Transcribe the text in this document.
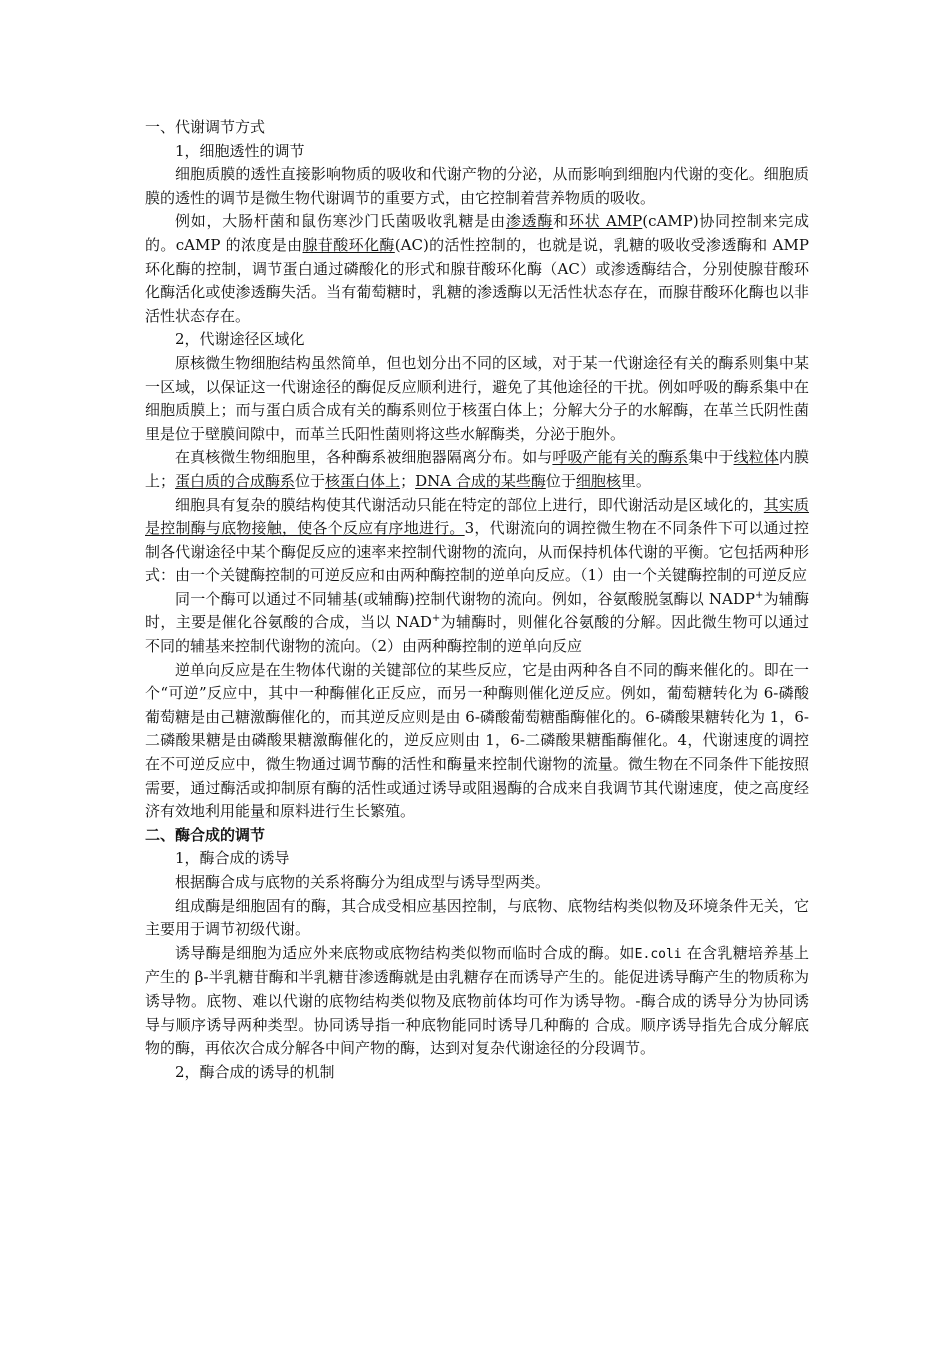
一、代谢调节方式

1，细胞透性的调节

细胞质膜的透性直接影响物质的吸收和代谢产物的分泌，从而影响到细胞内代谢的变化。细胞质膜的透性的调节是微生物代谢调节的重要方式，由它控制着营养物质的吸收。

例如，大肠杆菌和鼠伤寒沙门氏菌吸收乳糖是由渗透酶和环状 AMP(cAMP)协同控制来完成的。cAMP 的浓度是由腺苷酸环化酶(AC)的活性控制的，也就是说，乳糖的吸收受渗透酶和 AMP 环化酶的控制，调节蛋白通过磷酸化的形式和腺苷酸环化酶（AC）或渗透酶结合，分别使腺苷酸环化酶活化或使渗透酶失活。当有葡萄糖时，乳糖的渗透酶以无活性状态存在，而腺苷酸环化酶也以非活性状态存在。

2，代谢途径区域化

原核微生物细胞结构虽然简单，但也划分出不同的区域，对于某一代谢途径有关的酶系则集中某一区域，以保证这一代谢途径的酶促反应顺利进行，避免了其他途径的干扰。例如呼吸的酶系集中在细胞质膜上；而与蛋白质合成有关的酶系则位于核蛋白体上；分解大分子的水解酶，在革兰氏阴性菌里是位于壁膜间隙中，而革兰氏阳性菌则将这些水解酶类，分泌于胞外。

在真核微生物细胞里，各种酶系被细胞器隔离分布。如与呼吸产能有关的酶系集中于线粒体内膜上；蛋白质的合成酶系位于核蛋白体上；DNA 合成的某些酶位于细胞核里。

细胞具有复杂的膜结构使其代谢活动只能在特定的部位上进行，即代谢活动是区域化的，其实质是控制酶与底物接触，使各个反应有序地进行。3，代谢流向的调控微生物在不同条件下可以通过控制各代谢途径中某个酶促反应的速率来控制代谢物的流向，从而保持机体代谢的平衡。它包括两种形式：由一个关键酶控制的可逆反应和由两种酶控制的逆单向反应。（1）由一个关键酶控制的可逆反应

同一个酶可以通过不同辅基(或辅酶)控制代谢物的流向。例如，谷氨酸脱氢酶以 NADP+为辅酶时，主要是催化谷氨酸的合成，当以 NAD+为辅酶时，则催化谷氨酸的分解。因此微生物可以通过不同的辅基来控制代谢物的流向。（2）由两种酶控制的逆单向反应

逆单向反应是在生物体代谢的关键部位的某些反应，它是由两种各自不同的酶来催化的。即在一个“可逆”反应中，其中一种酶催化正反应，而另一种酶则催化逆反应。例如，葡萄糖转化为 6-磷酸葡萄糖是由己糖激酶催化的，而其逆反应则是由 6-磷酸葡萄糖酯酶催化的。6-磷酸果糖转化为 1，6-二磷酸果糖是由磷酸果糖激酶催化的，逆反应则由 1，6-二磷酸果糖酯酶催化。4，代谢速度的调控在不可逆反应中，微生物通过调节酶的活性和酶量来控制代谢物的流量。微生物在不同条件下能按照需要，通过酶活或抑制原有酶的活性或通过诱导或阻遏酶的合成来自我调节其代谢速度，使之高度经济有效地利用能量和原料进行生长繁殖。

二、酶合成的调节

1，酶合成的诱导

根据酶合成与底物的关系将酶分为组成型与诱导型两类。

组成酶是细胞固有的酶，其合成受相应基因控制，与底物、底物结构类似物及环境条件无关，它主要用于调节初级代谢。

诱导酶是细胞为适应外来底物或底物结构类似物而临时合成的酶。如E.coli 在含乳糖培养基上产生的 β-半乳糖苷酶和半乳糖苷渗透酶就是由乳糖存在而诱导产生的。能促进诱导酶产生的物质称为诱导物。底物、难以代谢的底物结构类似物及底物前体均可作为诱导物。-酶合成的诱导分为协同诱导与顺序诱导两种类型。协同诱导指一种底物能同时诱导几种酶的 合成。顺序诱导指先合成分解底物的酶，再依次合成分解各中间产物的酶，达到对复杂代谢途径的分段调节。

2，酶合成的诱导的机制
